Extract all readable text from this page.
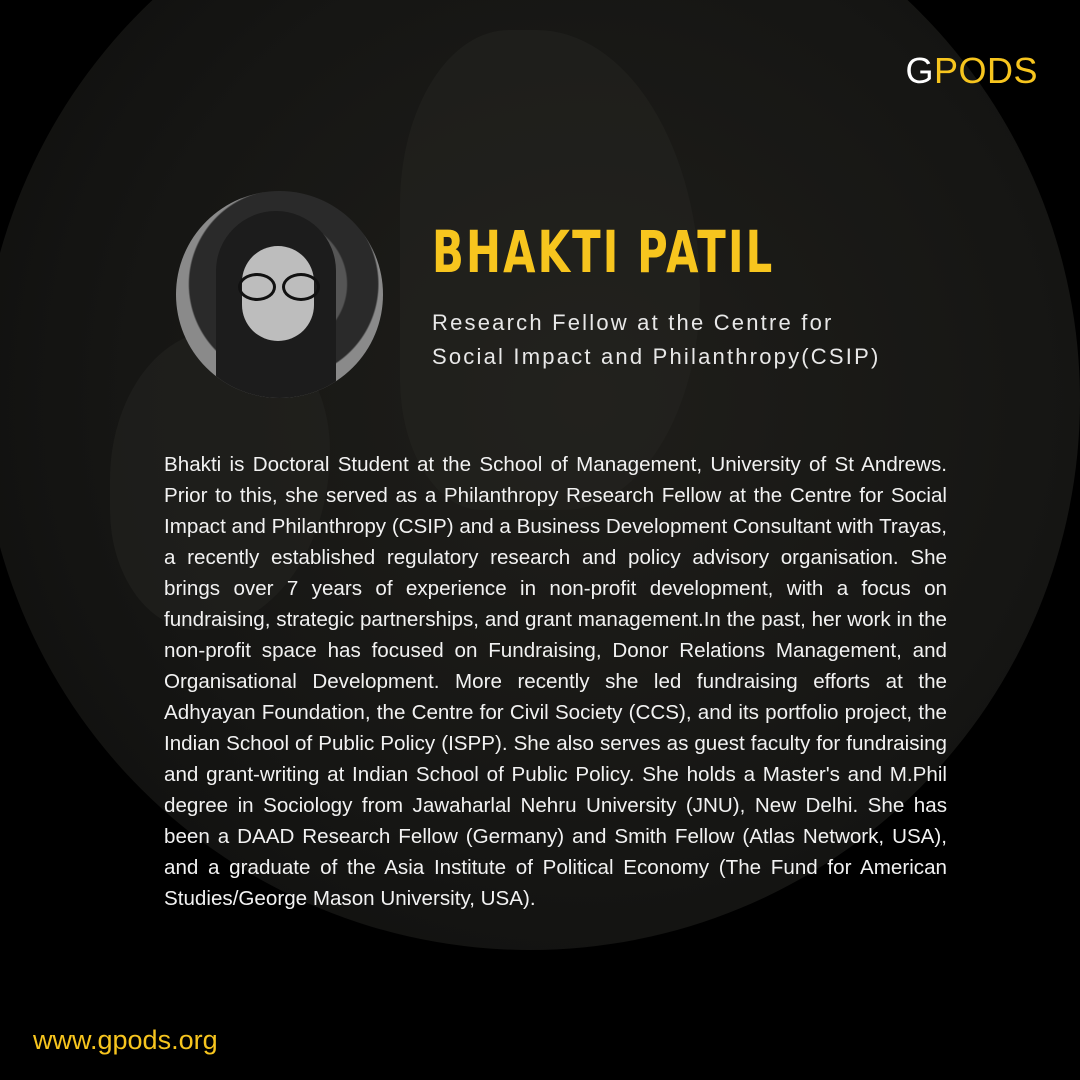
GPODS
BHAKTI PATIL
Research Fellow at the Centre for
Social Impact and Philanthropy(CSIP)
Bhakti is Doctoral Student at the School of Management, University of St Andrews. Prior to this, she served as a Philanthropy Research Fellow at the Centre for Social Impact and Philanthropy (CSIP) and a Business Development Consultant with Trayas, a recently established regulatory research and policy advisory organisation. She brings over 7 years of experience in non-profit development, with a focus on fundraising, strategic partnerships, and grant management.In the past, her work in the non-profit space has focused on Fundraising, Donor Relations Management, and Organisational Development. More recently she led fundraising efforts at the Adhyayan Foundation, the Centre for Civil Society (CCS), and its portfolio project, the Indian School of Public Policy (ISPP). She also serves as guest faculty for fundraising and grant-writing at Indian School of Public Policy. She holds a Master's and M.Phil degree in Sociology from Jawaharlal Nehru University (JNU), New Delhi. She has been a DAAD Research Fellow (Germany) and Smith Fellow (Atlas Network, USA), and a graduate of the Asia Institute of Political Economy (The Fund for American Studies/George Mason University, USA).
www.gpods.org
